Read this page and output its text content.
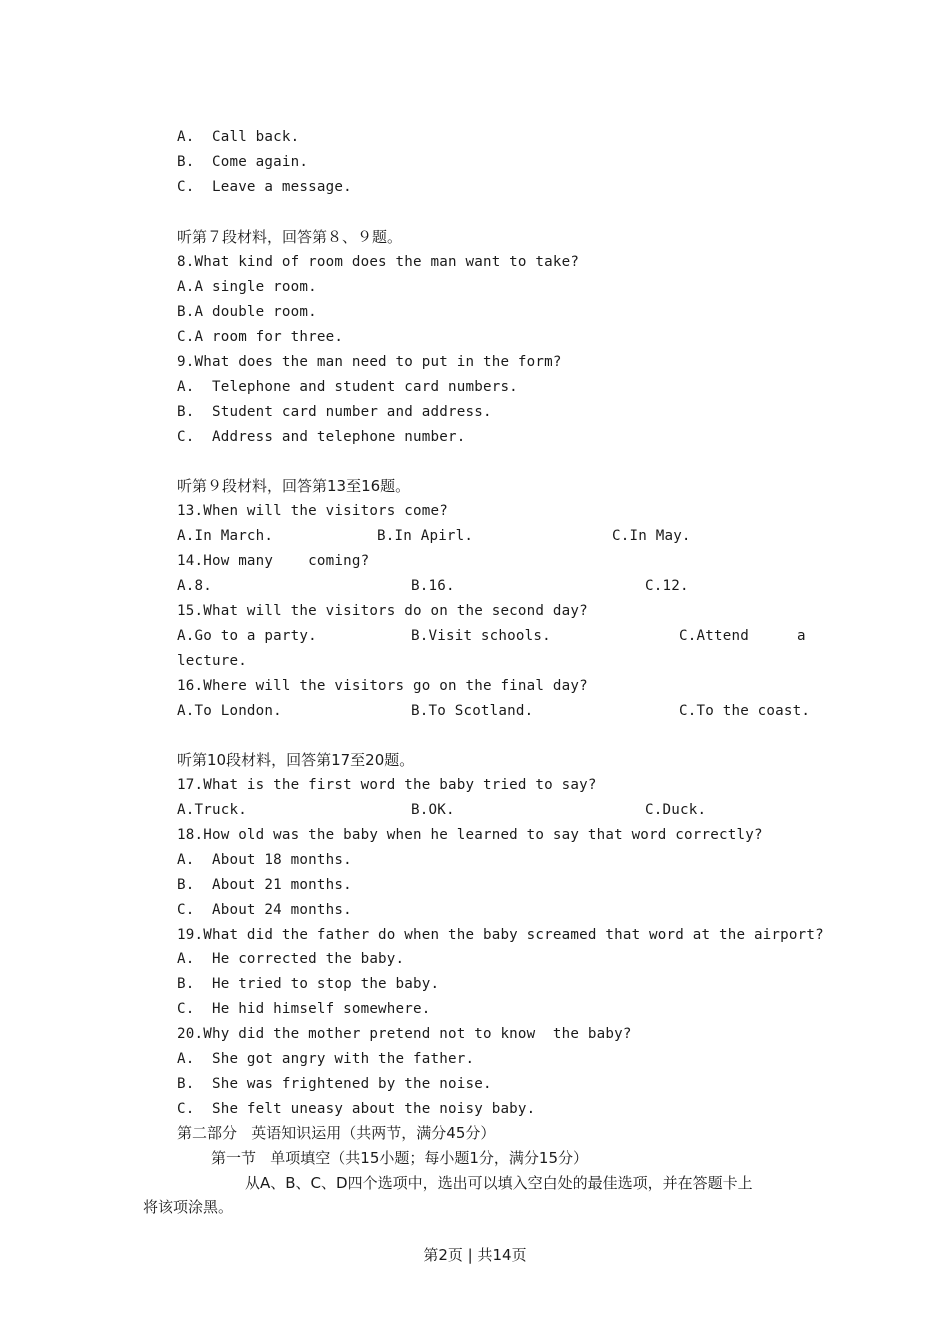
A.  Call back.
B.  Come again.
C.  Leave a message.
听第７段材料，回答第８、９题。
8.What kind of room does the man want to take?
A.A single room.
B.A double room.
C.A room for three.
9.What does the man need to put in the form?
A.  Telephone and student card numbers.
B.  Student card number and address.
C.  Address and telephone number.
听第９段材料，回答第13至16题。
13.When will the visitors come?
A.In March.	B.In Apirl.	C.In May.
14.How many    coming?
A.8.	B.16.	C.12.
15.What will the visitors do on the second day?
A.Go to a party.	B.Visit schools.	C.Attend	a
lecture.
16.Where will the visitors go on the final day?
A.To London.	B.To Scotland.	C.To the coast.
听第10段材料，回答第17至20题。
17.What is the first word the baby tried to say?
A.Truck.	B.OK.	C.Duck.
18.How old was the baby when he learned to say that word correctly?
A.  About 18 months.
B.  About 21 months.
C.  About 24 months.
19.What did the father do when the baby screamed that word at the airport?
A.  He corrected the baby.
B.  He tried to stop the baby.
C.  He hid himself somewhere.
20.Why did the mother pretend not to know  the baby?
A.  She got angry with the father.
B.  She was frightened by the noise.
C.  She felt uneasy about the noisy baby.
第二部分   英语知识运用（共两节，满分45分）
第一节   单项填空（共15小题；每小题1分，满分15分）
从A、B、C、D四个选项中，选出可以填入空白处的最佳选项，并在答题卡上
将该项涂黑。
第2页 | 共14页
